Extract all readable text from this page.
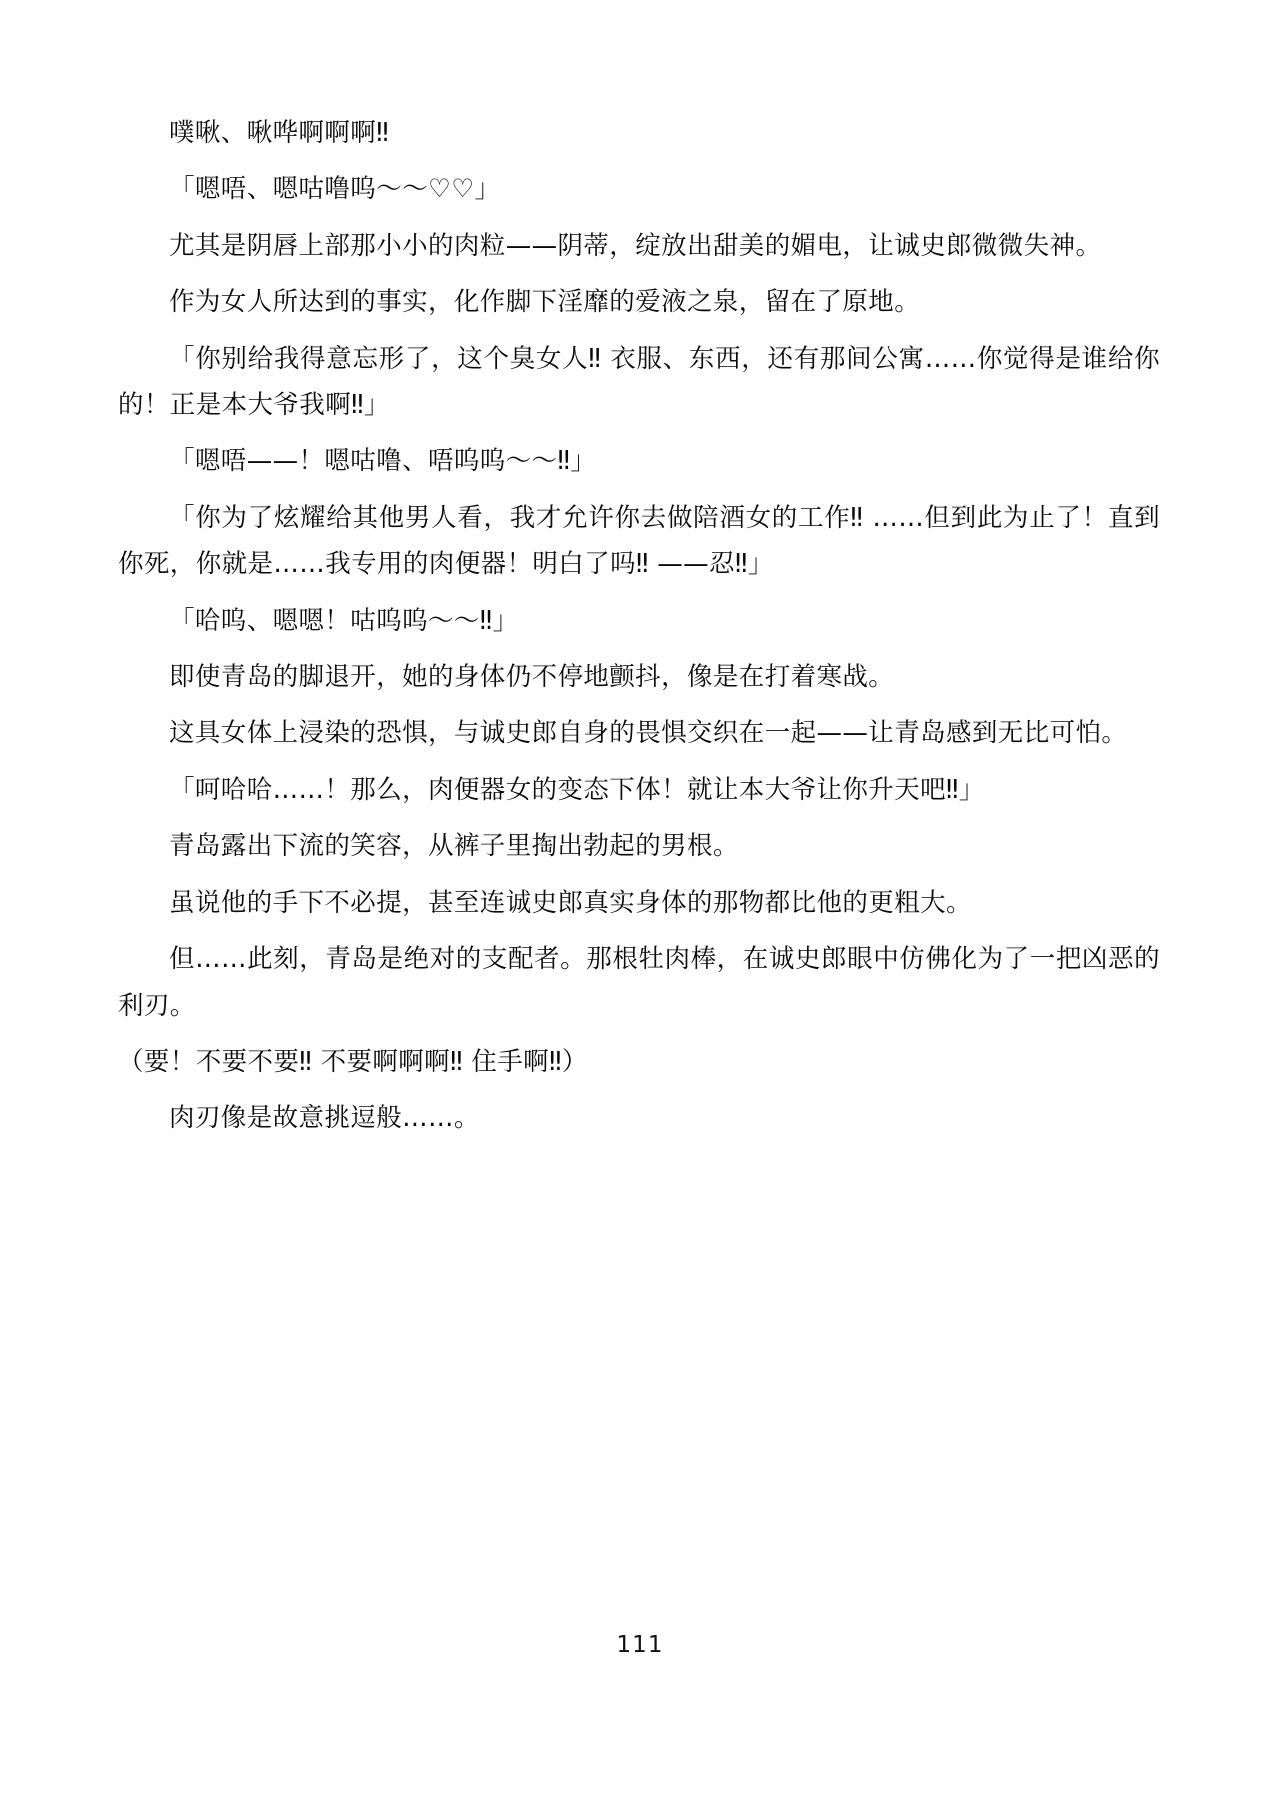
噗啾、啾哗啊啊啊‼

「嗯唔、嗯咕噜呜～～♡♡」

尤其是阴唇上部那小小的肉粒——阴蒂，绽放出甜美的媚电，让诚史郎微微失神。

作为女人所达到的事实，化作脚下淫靡的爱液之泉，留在了原地。

「你别给我得意忘形了，这个臭女人‼ 衣服、东西，还有那间公寓……你觉得是谁给你的！正是本大爷我啊‼」

「嗯唔——！嗯咕噜、唔呜呜～～‼」

「你为了炫耀给其他男人看，我才允许你去做陪酒女的工作‼ ……但到此为止了！直到你死，你就是……我专用的肉便器！明白了吗‼ ——忍‼」

「哈呜、嗯嗯！咕呜呜～～‼」

即使青岛的脚退开，她的身体仍不停地颤抖，像是在打着寒战。

这具女体上浸染的恐惧，与诚史郎自身的畏惧交织在一起——让青岛感到无比可怕。

「呵哈哈……！那么，肉便器女的变态下体！就让本大爷让你升天吧‼」

青岛露出下流的笑容，从裤子里掏出勃起的男根。

虽说他的手下不必提，甚至连诚史郎真实身体的那物都比他的更粗大。

但……此刻，青岛是绝对的支配者。那根牡肉棒，在诚史郎眼中仿佛化为了一把凶恶的利刃。

（要！不要不要‼ 不要啊啊啊‼ 住手啊‼）

肉刃像是故意挑逗般……。

111
